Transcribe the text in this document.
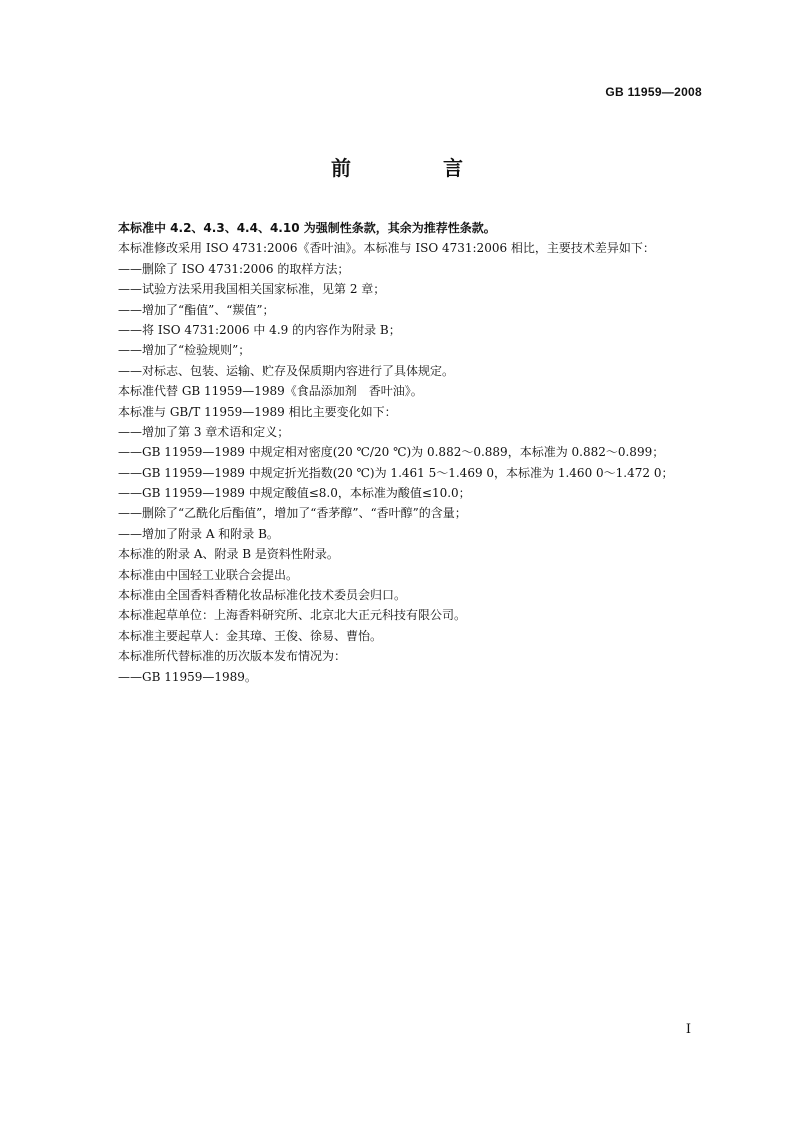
GB 11959—2008
前　言
本标准中 4.2、4.3、4.4、4.10 为强制性条款，其余为推荐性条款。
本标准修改采用 ISO 4731:2006《香叶油》。本标准与 ISO 4731:2006 相比，主要技术差异如下：
——删除了 ISO 4731:2006 的取样方法；
——试验方法采用我国相关国家标准，见第 2 章；
——增加了“酯值”、“羰值”；
——将 ISO 4731:2006 中 4.9 的内容作为附录 B；
——增加了“检验规则”；
——对标志、包装、运输、贮存及保质期内容进行了具体规定。
本标准代替 GB 11959—1989《食品添加剂　香叶油》。
本标准与 GB/T 11959—1989 相比主要变化如下：
——增加了第 3 章术语和定义；
——GB 11959—1989 中规定相对密度(20 ℃/20 ℃)为 0.882～0.889，本标准为 0.882～0.899；
——GB 11959—1989 中规定折光指数(20 ℃)为 1.461 5～1.469 0，本标准为 1.460 0～1.472 0；
——GB 11959—1989 中规定酸值≤8.0，本标准为酸值≤10.0；
——删除了“乙酰化后酯值”，增加了“香茅醇”、“香叶醇”的含量；
——增加了附录 A 和附录 B。
本标准的附录 A、附录 B 是资料性附录。
本标准由中国轻工业联合会提出。
本标准由全国香料香精化妆品标准化技术委员会归口。
本标准起草单位：上海香料研究所、北京北大正元科技有限公司。
本标准主要起草人：金其璋、王俊、徐易、曹怡。
本标准所代替标准的历次版本发布情况为：
——GB 11959—1989。
I
